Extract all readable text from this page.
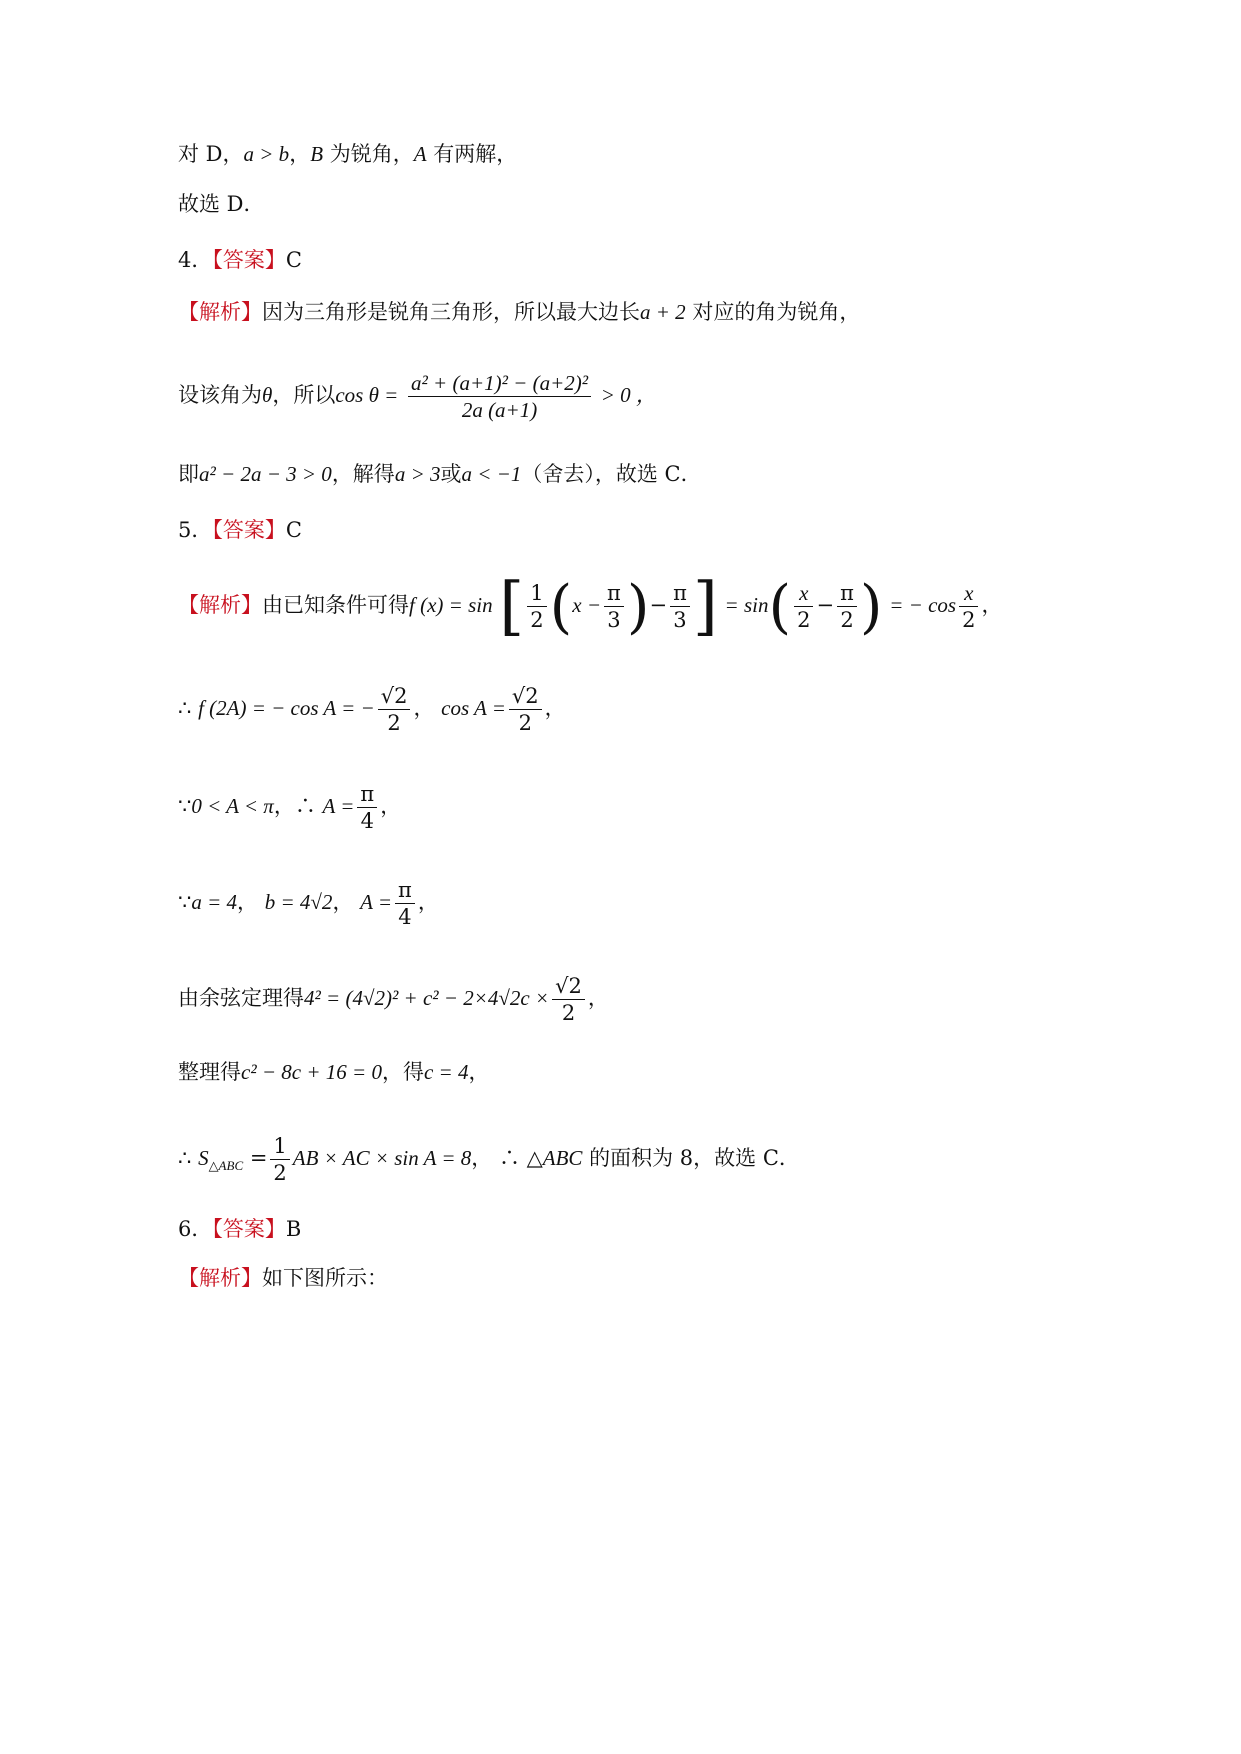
对 D，a > b，B 为锐角，A 有两解，
故选 D．
4．【答案】C
【解析】因为三角形是锐角三角形，所以最大边长a + 2 对应的角为锐角，
设该角为θ，所以$\cos \theta = \frac{\text{a² + (a+1)² − (a+2)²}}{2a (a+1)} > 0$ ，
即a² − 2a − 3 > 0，解得a > 3或a < −1（舍去），故选 C．
5．【答案】C
【解析】由已知条件可得f (x) = sin [ $\frac{1}{2} (x - \frac{\pi}{3}$ )− $\frac{\pi}{3}$ ] = $\sin( \frac{x}{2} - \frac{\pi}{2}$ ) = − $\cos \frac{x}{2}$ ，
∴ f (2A) = − cos A = − $\frac{√2}{2}$ ， $\cos A = \frac{√2}{2}$ ，
∵0 < A < π，∴ $A = \frac{\pi}{4}$ ，
∵a = 4， b = 4√2， $A = \frac{\pi}{4}$ ，
由余弦定理得$4^2 = (4√2)^2 + c^2 - 2\times 4√2c \times \frac{√2}{2}$ ，
整理得c² − 8c + 16 = 0，得c = 4，
∴ $S_{\triangle ABC} = \frac{1}{2}$ AB × AC × sin A = 8， ∴ △ABC 的面积为 8，故选 C．
6．【答案】B
【解析】如下图所示：
